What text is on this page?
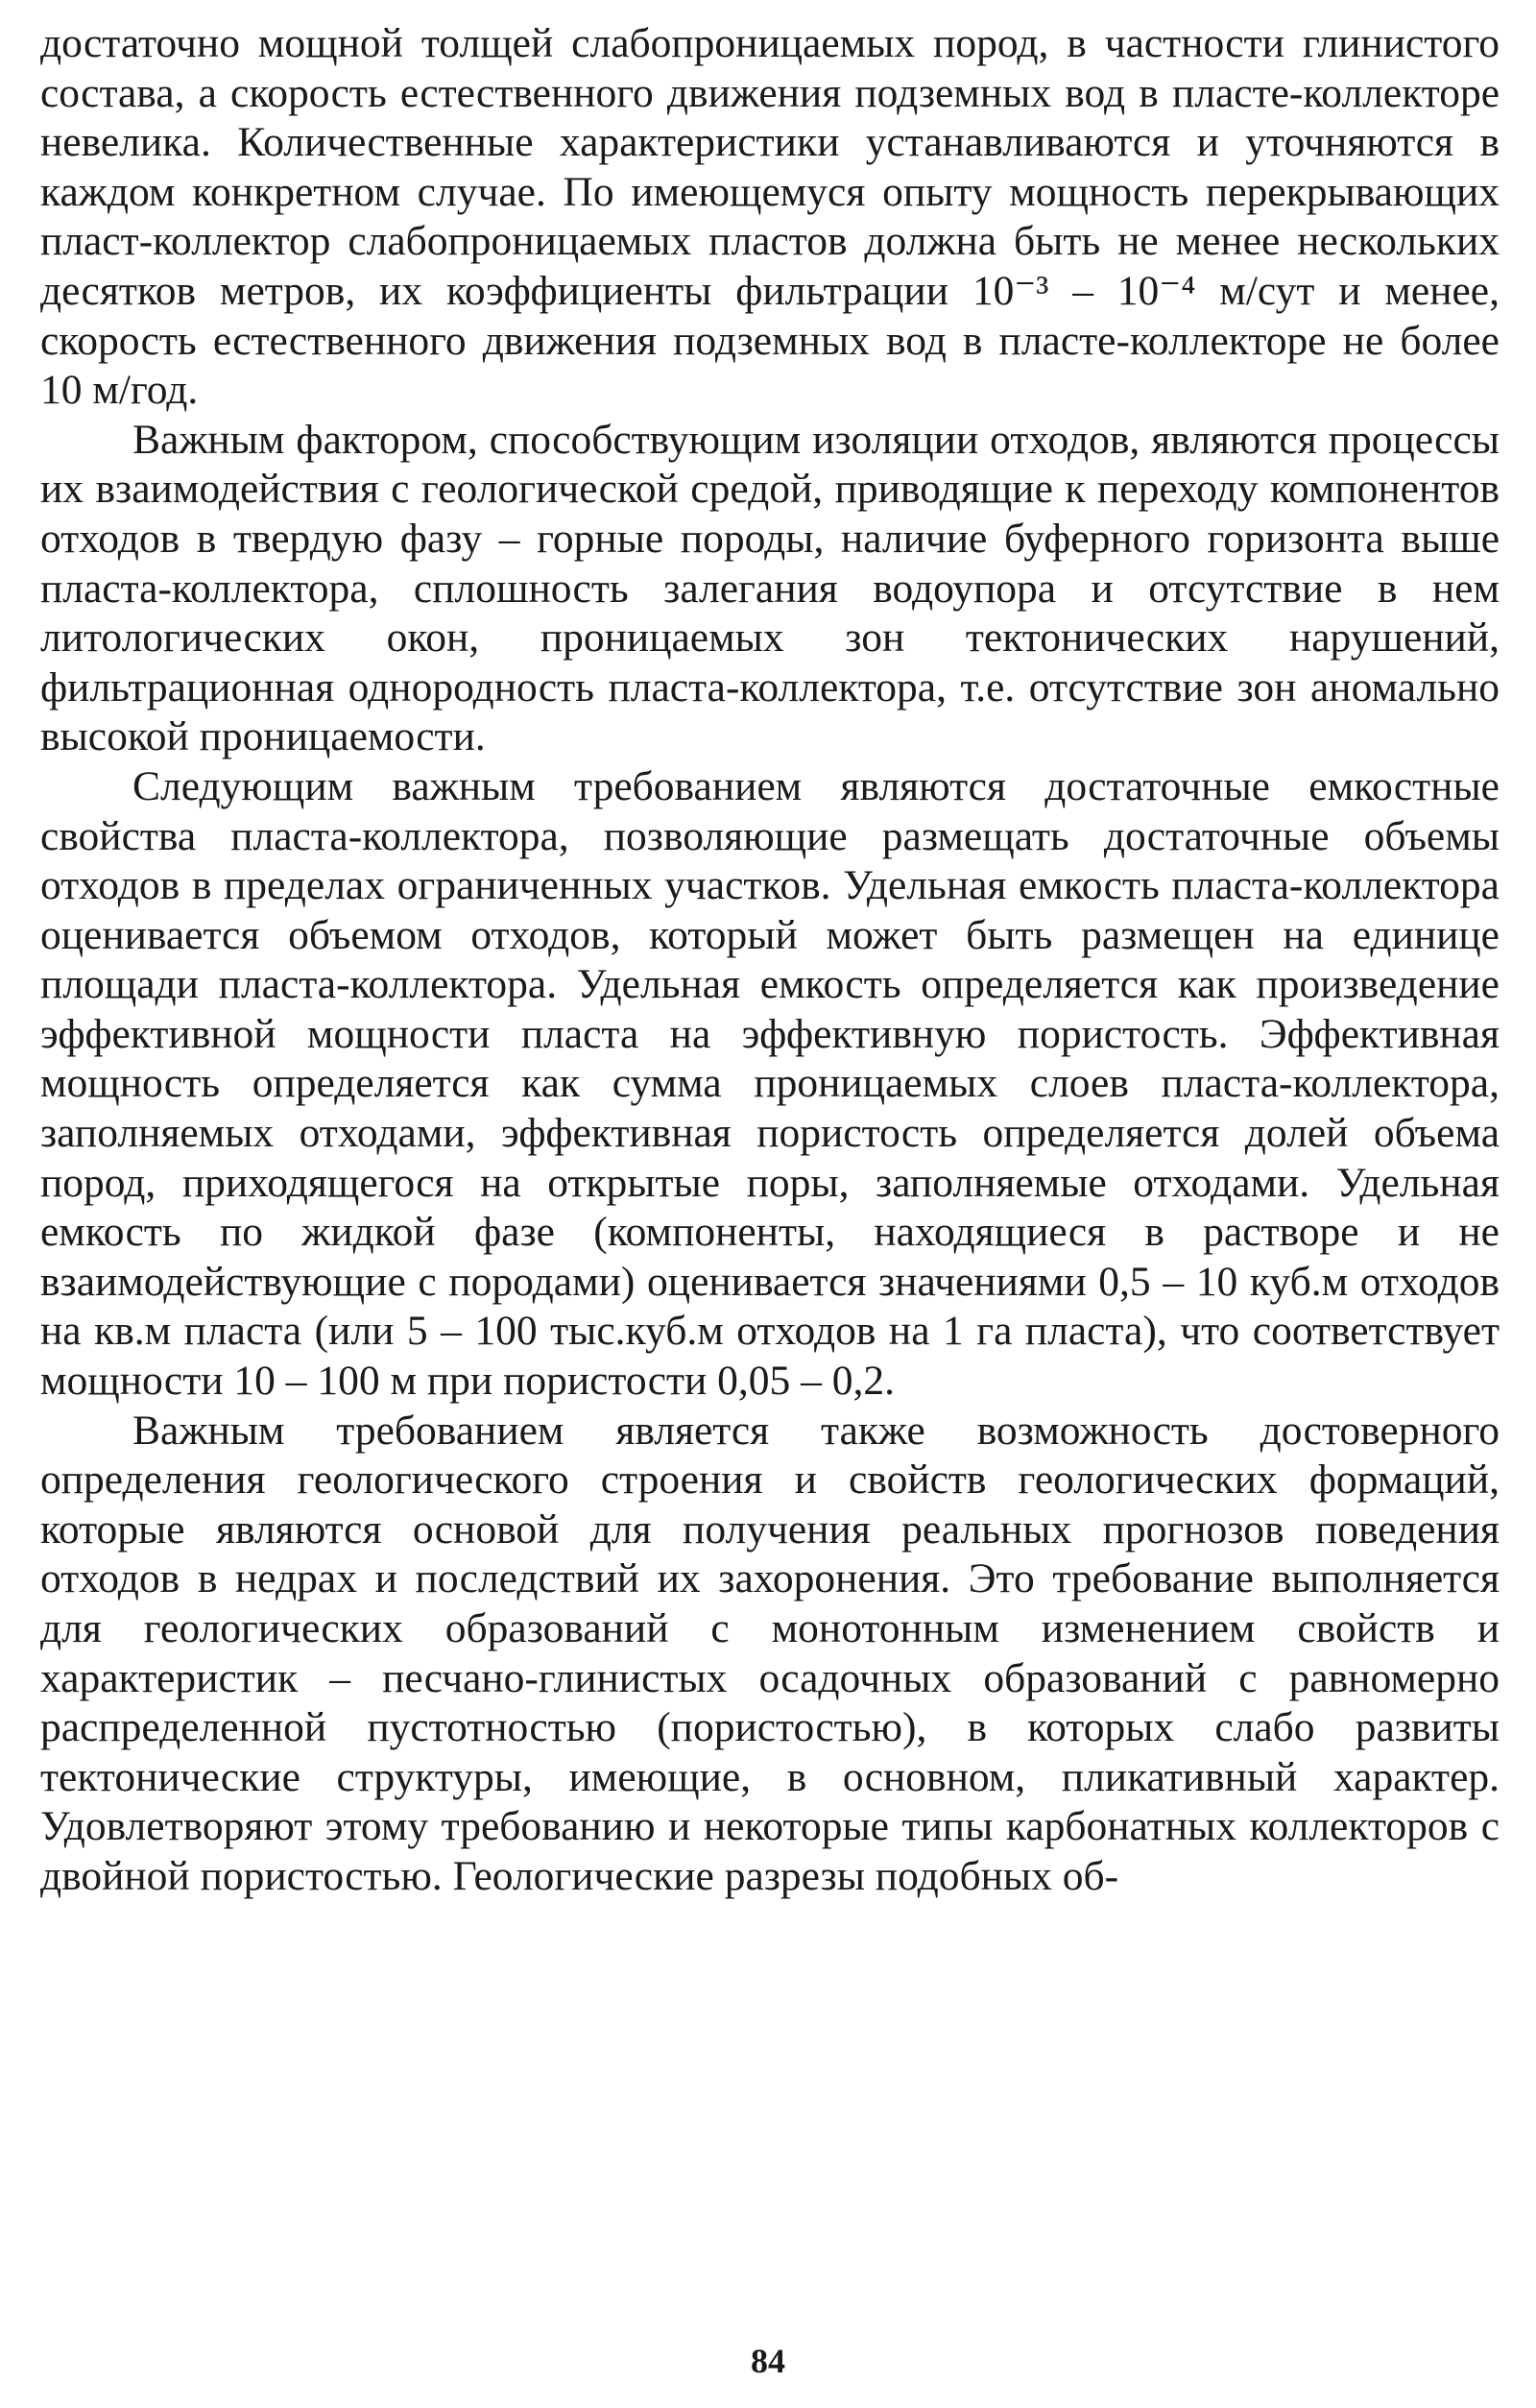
достаточно мощной толщей слабопроницаемых пород, в частности глинистого состава, а скорость естественного движения подземных вод в пласте-коллекторе невелика. Количественные характеристики устанавливаются и уточняются в каждом конкретном случае. По имеющемуся опыту мощность перекрывающих пласт-коллектор слабопроницаемых пластов должна быть не менее нескольких десятков метров, их коэффициенты фильтрации 10⁻³ – 10⁻⁴ м/сут и менее, скорость естественного движения подземных вод в пласте-коллекторе не более 10 м/год.

Важным фактором, способствующим изоляции отходов, являются процессы их взаимодействия с геологической средой, приводящие к переходу компонентов отходов в твердую фазу – горные породы, наличие буферного горизонта выше пласта-коллектора, сплошность залегания водоупора и отсутствие в нем литологических окон, проницаемых зон тектонических нарушений, фильтрационная однородность пласта-коллектора, т.е. отсутствие зон аномально высокой проницаемости.

Следующим важным требованием являются достаточные емкостные свойства пласта-коллектора, позволяющие размещать достаточные объемы отходов в пределах ограниченных участков. Удельная емкость пласта-коллектора оценивается объемом отходов, который может быть размещен на единице площади пласта-коллектора. Удельная емкость определяется как произведение эффективной мощности пласта на эффективную пористость. Эффективная мощность определяется как сумма проницаемых слоев пласта-коллектора, заполняемых отходами, эффективная пористость определяется долей объема пород, приходящегося на открытые поры, заполняемые отходами. Удельная емкость по жидкой фазе (компоненты, находящиеся в растворе и не взаимодействующие с породами) оценивается значениями 0,5 – 10 куб.м отходов на кв.м пласта (или 5 – 100 тыс.куб.м отходов на 1 га пласта), что соответствует мощности 10 – 100 м при пористости 0,05 – 0,2.

Важным требованием является также возможность достоверного определения геологического строения и свойств геологических формаций, которые являются основой для получения реальных прогнозов поведения отходов в недрах и последствий их захоронения. Это требование выполняется для геологических образований с монотонным изменением свойств и характеристик – песчано-глинистых осадочных образований с равномерно распределенной пустотностью (пористостью), в которых слабо развиты тектонические структуры, имеющие, в основном, пликативный характер. Удовлетворяют этому требованию и некоторые типы карбонатных коллекторов с двойной пористостью. Геологические разрезы подобных об-

84
